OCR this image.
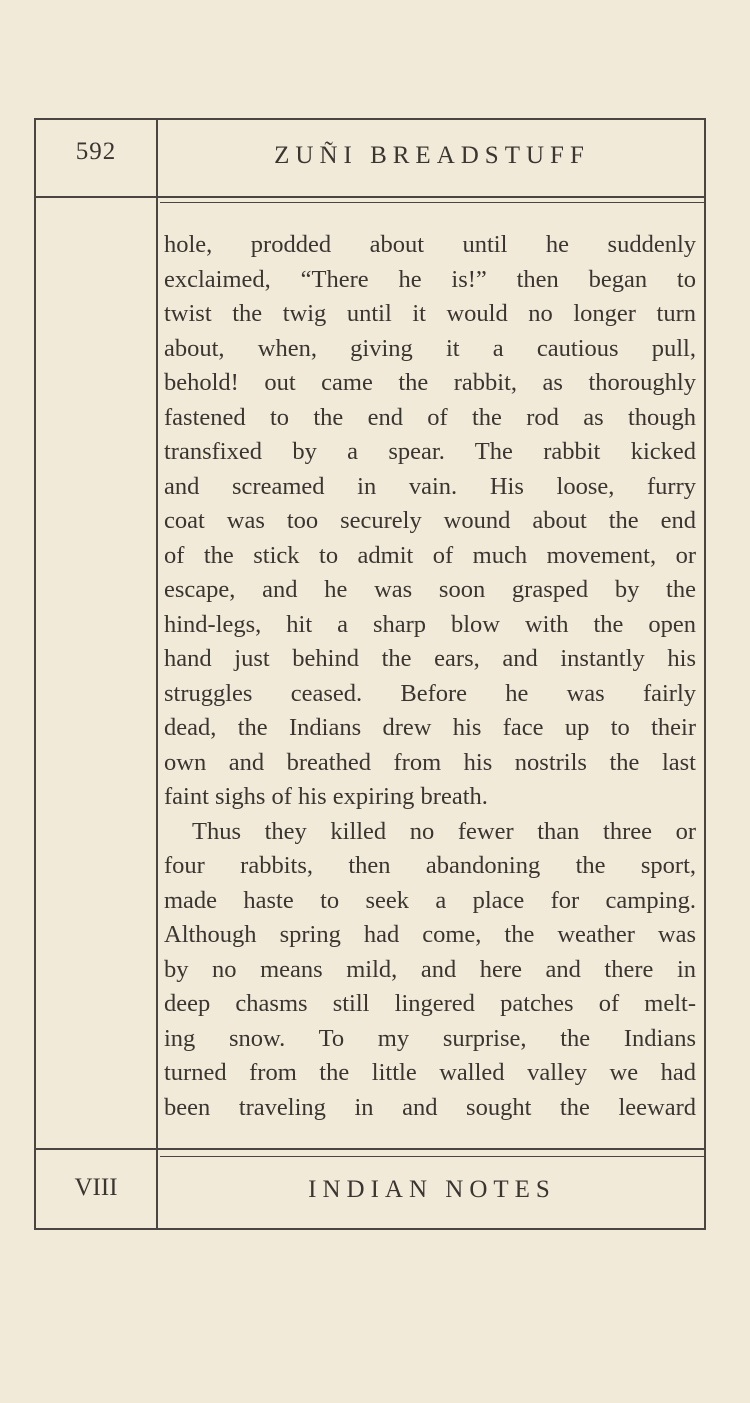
592	ZUÑI BREADSTUFF
hole, prodded about until he suddenly
exclaimed, “There he is!” then began to
twist the twig until it would no longer turn
about, when, giving it a cautious pull,
behold! out came the rabbit, as thoroughly
fastened to the end of the rod as though
transfixed by a spear. The rabbit kicked
and screamed in vain. His loose, furry
coat was too securely wound about the end
of the stick to admit of much movement, or
escape, and he was soon grasped by the
hind-legs, hit a sharp blow with the open
hand just behind the ears, and instantly his
struggles ceased. Before he was fairly
dead, the Indians drew his face up to their
own and breathed from his nostrils the last
faint sighs of his expiring breath.
Thus they killed no fewer than three or
four rabbits, then abandoning the sport,
made haste to seek a place for camping.
Although spring had come, the weather was
by no means mild, and here and there in
deep chasms still lingered patches of melt-
ing snow. To my surprise, the Indians
turned from the little walled valley we had
been traveling in and sought the leeward
VIII	INDIAN NOTES
